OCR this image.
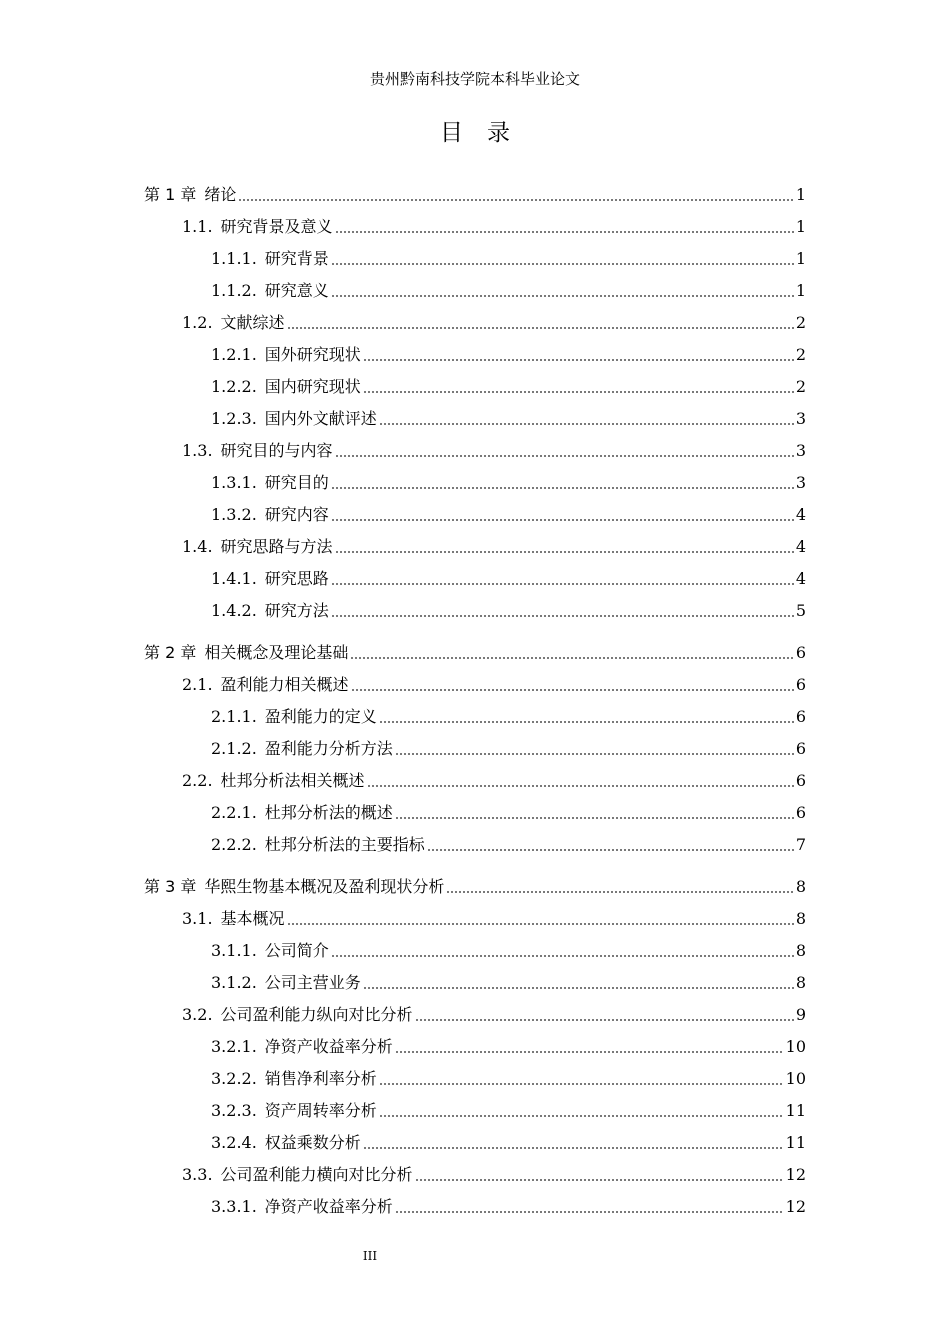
贵州黔南科技学院本科毕业论文
目录
第 1 章 绪论	1
1.1. 研究背景及意义	1
1.1.1. 研究背景	1
1.1.2. 研究意义	1
1.2. 文献综述	2
1.2.1. 国外研究现状	2
1.2.2. 国内研究现状	2
1.2.3. 国内外文献评述	3
1.3. 研究目的与内容	3
1.3.1. 研究目的	3
1.3.2. 研究内容	4
1.4. 研究思路与方法	4
1.4.1. 研究思路	4
1.4.2. 研究方法	5
第 2 章 相关概念及理论基础	6
2.1. 盈利能力相关概述	6
2.1.1. 盈利能力的定义	6
2.1.2. 盈利能力分析方法	6
2.2. 杜邦分析法相关概述	6
2.2.1. 杜邦分析法的概述	6
2.2.2. 杜邦分析法的主要指标	7
第 3 章 华熙生物基本概况及盈利现状分析	8
3.1. 基本概况	8
3.1.1. 公司简介	8
3.1.2. 公司主营业务	8
3.2. 公司盈利能力纵向对比分析	9
3.2.1. 净资产收益率分析	10
3.2.2. 销售净利率分析	10
3.2.3. 资产周转率分析	11
3.2.4. 权益乘数分析	11
3.3. 公司盈利能力横向对比分析	12
3.3.1. 净资产收益率分析	12
III
